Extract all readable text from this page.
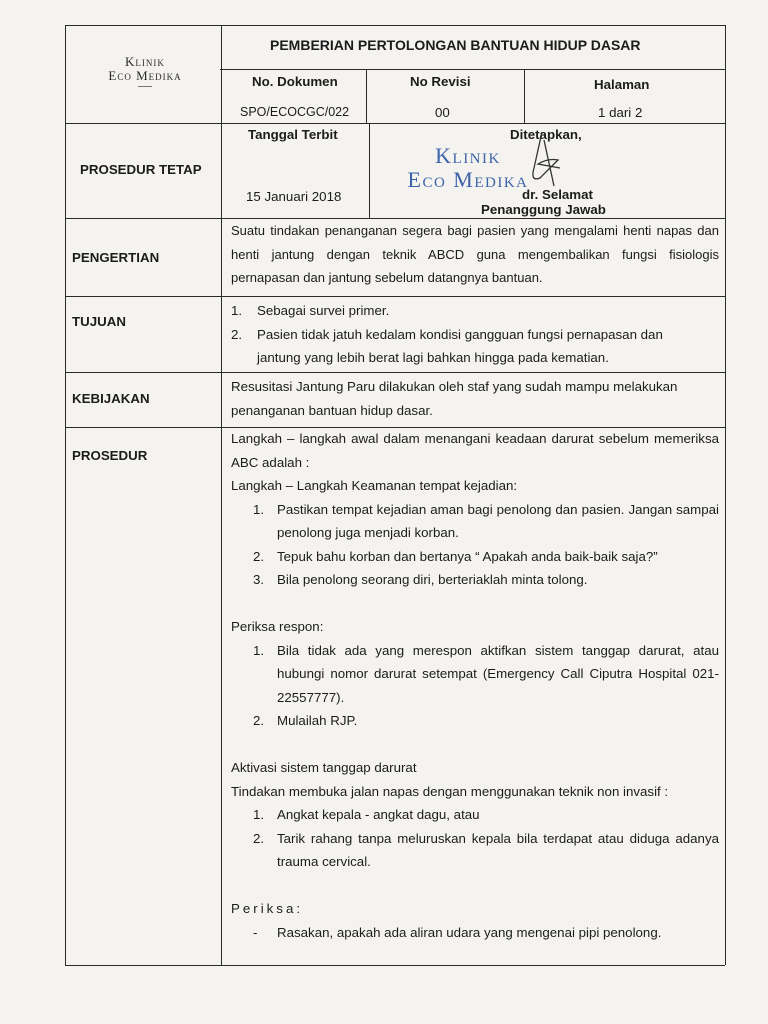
Klinik
Eco Medika
PEMBERIAN PERTOLONGAN BANTUAN HIDUP DASAR
No. Dokumen
SPO/ECOCGC/022
No Revisi
00
Halaman
1 dari 2
PROSEDUR TETAP
Tanggal Terbit
15 Januari 2018
Ditetapkan,
Klinik
Eco Medika
dr. Selamat
Penanggung Jawab
PENGERTIAN
Suatu tindakan penanganan segera bagi pasien yang mengalami henti napas dan henti jantung dengan teknik ABCD guna mengembalikan fungsi fisiologis pernapasan dan jantung sebelum datangnya bantuan.
TUJUAN
1. Sebagai survei primer.
2. Pasien tidak jatuh kedalam kondisi gangguan fungsi pernapasan dan jantung yang lebih berat lagi bahkan hingga pada kematian.
KEBIJAKAN
Resusitasi Jantung Paru dilakukan oleh staf yang sudah mampu melakukan penanganan bantuan hidup dasar.
PROSEDUR
Langkah – langkah awal dalam menangani keadaan darurat sebelum memeriksa ABC adalah :
Langkah – Langkah Keamanan tempat kejadian:
1. Pastikan tempat kejadian aman bagi penolong dan pasien. Jangan sampai penolong juga menjadi korban.
2. Tepuk bahu korban dan bertanya “ Apakah anda baik-baik saja?”
3. Bila penolong seorang diri, berteriaklah minta tolong.
Periksa respon:
1. Bila tidak ada yang merespon aktifkan sistem tanggap darurat, atau hubungi nomor darurat setempat (Emergency Call Ciputra Hospital 021-22557777).
2. Mulailah RJP.
Aktivasi sistem tanggap darurat
Tindakan membuka jalan napas dengan menggunakan teknik non invasif :
1. Angkat kepala - angkat dagu, atau
2. Tarik rahang tanpa meluruskan kepala bila terdapat atau diduga adanya trauma cervical.
Periksa:
- Rasakan, apakah ada aliran udara yang mengenai pipi penolong.
